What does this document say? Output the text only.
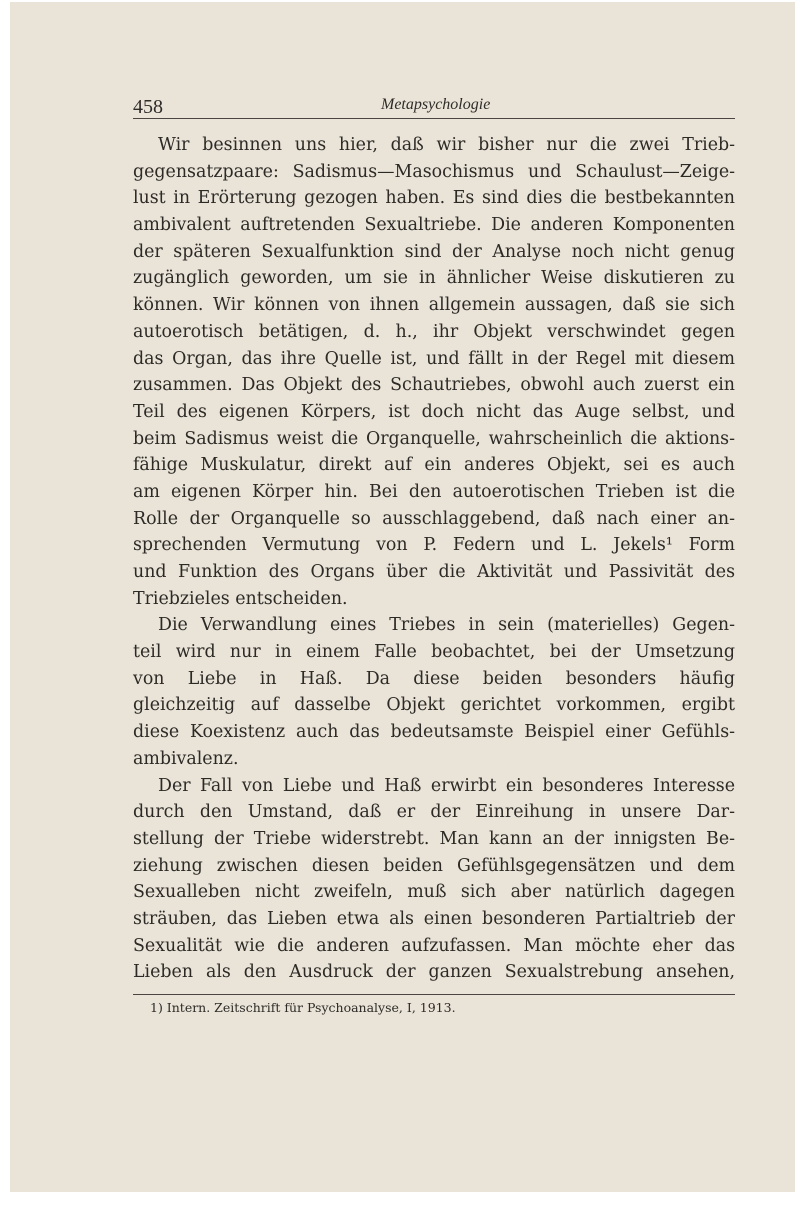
458	Metapsychologie
Wir besinnen uns hier, daß wir bisher nur die zwei Trieb-
gegensatzpaare: Sadismus—Masochismus und Schaulust—Zeige-
lust in Erörterung gezogen haben. Es sind dies die bestbekannten
ambivalent auftretenden Sexualtriebe. Die anderen Komponenten
der späteren Sexualfunktion sind der Analyse noch nicht genug
zugänglich geworden, um sie in ähnlicher Weise diskutieren zu
können. Wir können von ihnen allgemein aussagen, daß sie sich
autoerotisch betätigen, d. h., ihr Objekt verschwindet gegen
das Organ, das ihre Quelle ist, und fällt in der Regel mit diesem
zusammen. Das Objekt des Schautriebes, obwohl auch zuerst ein
Teil des eigenen Körpers, ist doch nicht das Auge selbst, und
beim Sadismus weist die Organquelle, wahrscheinlich die aktions-
fähige Muskulatur, direkt auf ein anderes Objekt, sei es auch
am eigenen Körper hin. Bei den autoerotischen Trieben ist die
Rolle der Organquelle so ausschlaggebend, daß nach einer an-
sprechenden Vermutung von P. Federn und L. Jekels¹ Form
und Funktion des Organs über die Aktivität und Passivität des
Triebzieles entscheiden.
Die Verwandlung eines Triebes in sein (materielles) Gegen-
teil wird nur in einem Falle beobachtet, bei der Umsetzung
von Liebe in Haß. Da diese beiden besonders häufig
gleichzeitig auf dasselbe Objekt gerichtet vorkommen, ergibt
diese Koexistenz auch das bedeutsamste Beispiel einer Gefühls-
ambivalenz.
Der Fall von Liebe und Haß erwirbt ein besonderes Interesse
durch den Umstand, daß er der Einreihung in unsere Dar-
stellung der Triebe widerstrebt. Man kann an der innigsten Be-
ziehung zwischen diesen beiden Gefühlsgegensätzen und dem
Sexualleben nicht zweifeln, muß sich aber natürlich dagegen
sträuben, das Lieben etwa als einen besonderen Partialtrieb der
Sexualität wie die anderen aufzufassen. Man möchte eher das
Lieben als den Ausdruck der ganzen Sexualstrebung ansehen,
1) Intern. Zeitschrift für Psychoanalyse, I, 1913.
